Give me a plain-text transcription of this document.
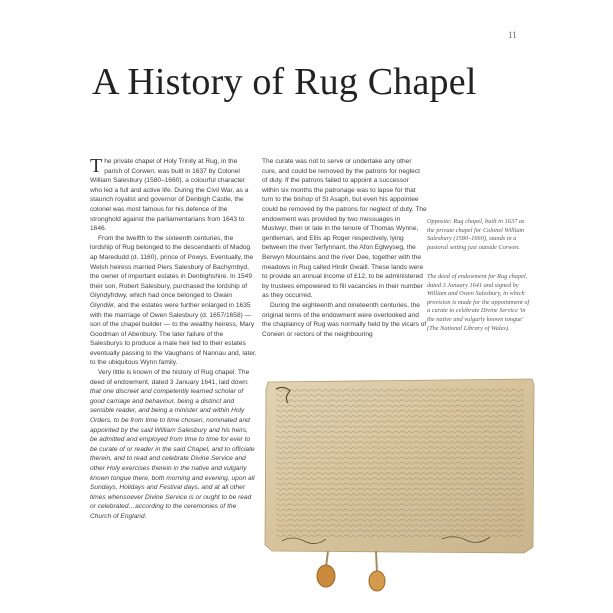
11
A History of Rug Chapel

The private chapel of Holy Trinity at Rug, in the parish of Corwen, was built in 1637 by Colonel William Salesbury (1580–1660), a colourful character who led a full and active life. During the Civil War, as a staunch royalist and governor of Denbigh Castle, the colonel was most famous for his defence of the stronghold against the parliamentarians from 1643 to 1646.

From the twelfth to the sixteenth centuries, the lordship of Rug belonged to the descendants of Madog ap Maredudd (d. 1160), prince of Powys. Eventually, the Welsh heiress married Piers Salesbury of Bachymbyd, the owner of important estates in Denbighshire. In 1549 their son, Robert Salesbury, purchased the lordship of Glyndyfrdwy, which had once belonged to Owain Glyndŵr, and the estates were further enlarged in 1635 with the marriage of Owen Salesbury (d. 1657/1658) — son of the chapel builder — to the wealthy heiress, Mary Goodman of Abenbury. The later failure of the Salesburys to produce a male heir led to their estates eventually passing to the Vaughans of Nannau and, later, to the ubiquitous Wynn family.

Very little is known of the history of Rug chapel. The deed of endowment, dated 3 January 1641, laid down:

that one discreet and competently learned scholar of good carriage and behaviour, being a distinct and sensible reader, and being a minister and within Holy Orders, to be from time to time chosen, nominated and appointed by the said William Salesbury and his heirs, be admitted and employed from time to time for ever to be curate of or reader in the said Chapel, and to officiate therein, and to read and celebrate Divine Service and other Holy exercises therein in the native and vulgarly known tongue there, both morning and evening, upon all Sundays, Holidays and Festival days, and at all other times whensoever Divine Service is or ought to be read or celebrated…according to the ceremonies of the Church of England.

The curate was not to serve or undertake any other cure, and could be removed by the patrons for neglect of duty. If the patrons failed to appoint a successor within six months the patronage was to lapse for that turn to the bishop of St Asaph, but even his appointee could be removed by the patrons for neglect of duty. The endowment was provided by two messuages in Mustwyr, then or late in the tenure of Thomas Wynne, gentleman, and Ellis ap Roger respectively, lying between the river Terfynnant, the Afon Eglwyseg, the Berwyn Mountains and the river Dee, together with the meadows in Rug called Hirdir Gwaill. These lands were to provide an annual income of £12, to be administered by trustees empowered to fill vacancies in their number as they occurred.

During the eighteenth and nineteenth centuries, the original terms of the endowment were overlooked and the chaplaincy of Rug was normally held by the vicars of Corwen or rectors of the neighbouring

Opposite: Rug chapel, built in 1637 as the private chapel for Colonel William Salesbury (1580–1660), stands in a pastoral setting just outside Corwen.
The deed of endowment for Rug chapel, dated 3 January 1641 and signed by William and Owen Salesbury, in which provision is made for the appointment of a curate to celebrate Divine Service 'in the native and vulgarly known tongue' (The National Library of Wales).
